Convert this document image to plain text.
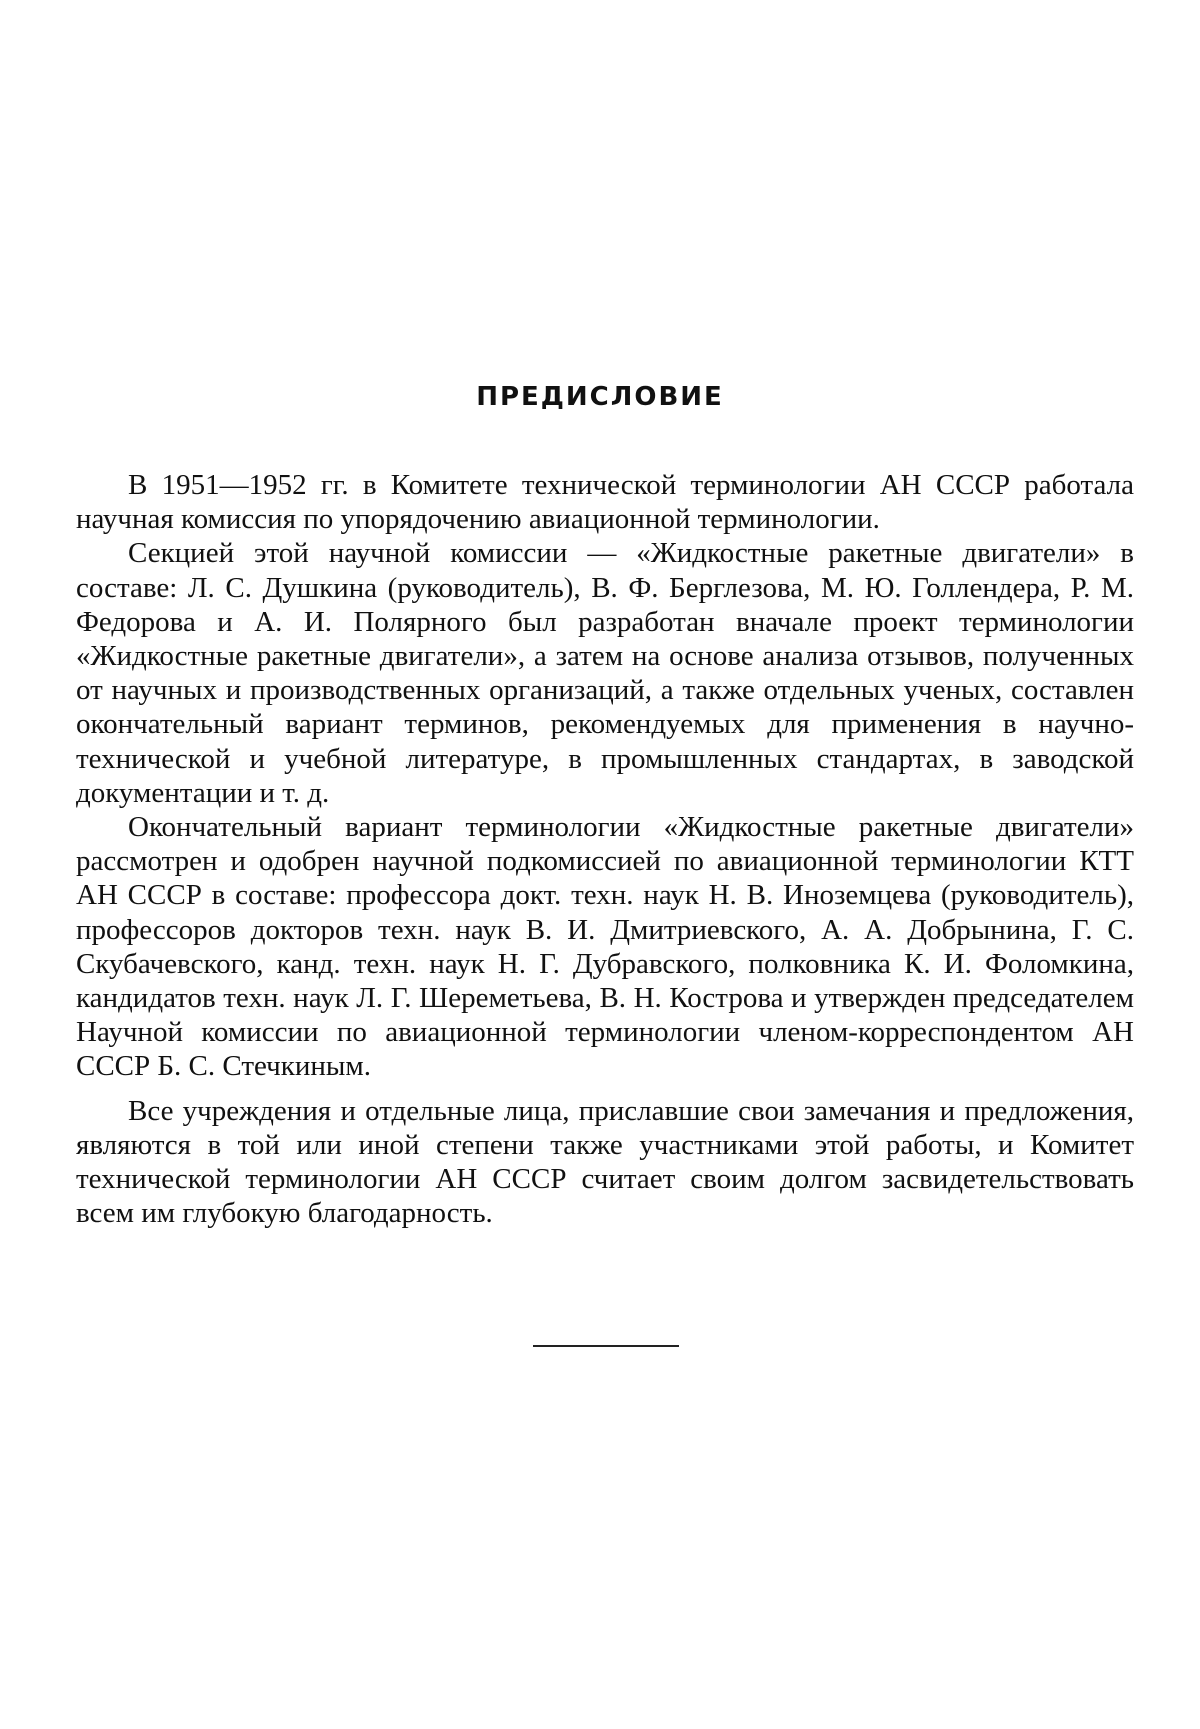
ПРЕДИСЛОВИЕ

В 1951—1952 гг. в Комитете технической терминологии АН СССР работала научная комиссия по упорядочению авиационной терминологии.

Секцией этой научной комиссии — «Жидкостные ракетные двигатели» в составе: Л. С. Душкина (руководитель), В. Ф. Берглезова, М. Ю. Голлендера, Р. М. Федорова и А. И. Полярного был разработан вначале проект терминологии «Жидкостные ракетные двигатели», а затем на основе анализа отзывов, полученных от научных и производственных организаций, а также отдельных ученых, составлен окончательный вариант терминов, рекомендуемых для применения в научно-технической и учебной литературе, в промышленных стандартах, в заводской документации и т. д.

Окончательный вариант терминологии «Жидкостные ракетные двигатели» рассмотрен и одобрен научной подкомиссией по авиационной терминологии КТТ АН СССР в составе: профессора докт. техн. наук Н. В. Иноземцева (руководитель), профессоров докторов техн. наук В. И. Дмитриевского, А. А. Добрынина, Г. С. Скубачевского, канд. техн. наук Н. Г. Дубравского, полковника К. И. Фоломкина, кандидатов техн. наук Л. Г. Шереметьева, В. Н. Кострова и утвержден председателем Научной комиссии по авиационной терминологии членом-корреспондентом АН СССР Б. С. Стечкиным.

Все учреждения и отдельные лица, приславшие свои замечания и предложения, являются в той или иной степени также участниками этой работы, и Комитет технической терминологии АН СССР считает своим долгом засвидетельствовать всем им глубокую благодарность.
